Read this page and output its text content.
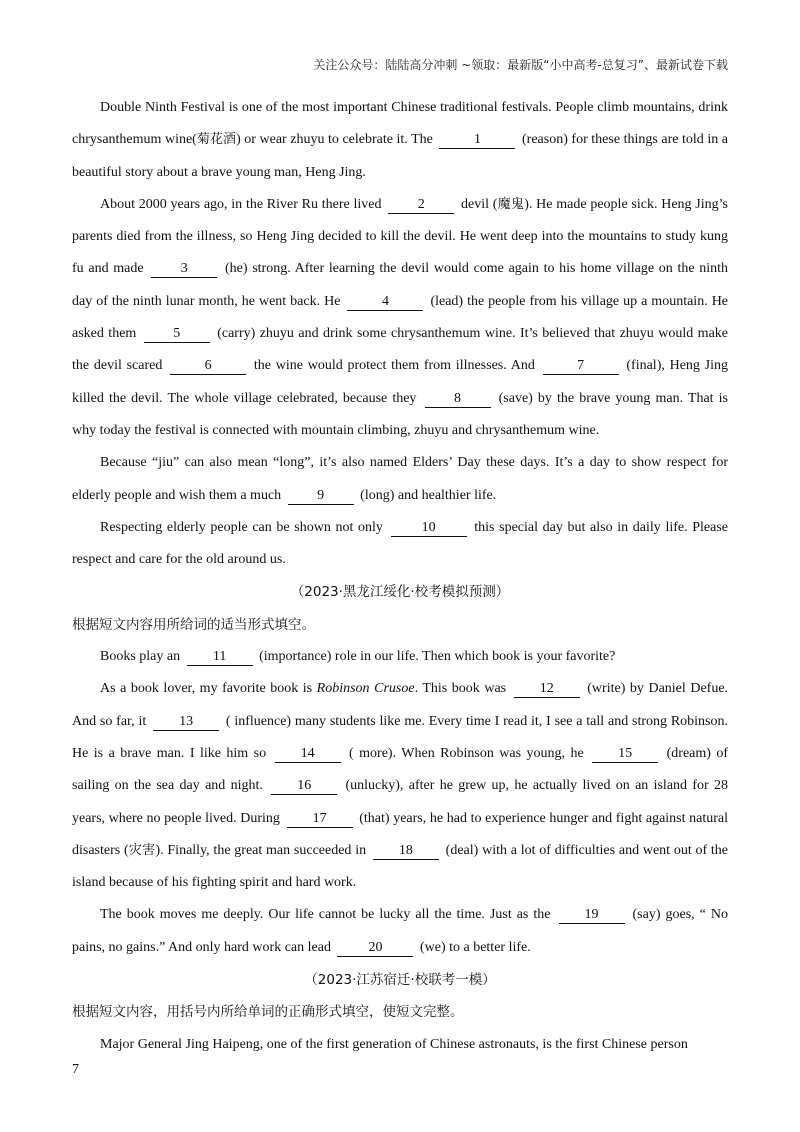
关注公众号：陆陆高分冲刺 ~领取：最新版“小中高考-总复习”、最新试卷下载

Double Ninth Festival is one of the most important Chinese traditional festivals. People climb mountains, drink chrysanthemum wine(菊花酒) or wear zhuyu to celebrate it. The	1	(reason) for these things are told in a beautiful story about a brave young man, Heng Jing.

About 2000 years ago, in the River Ru there lived	2	devil (魔鬼). He made people sick. Heng Jing’s parents died from the illness, so Heng Jing decided to kill the devil. He went deep into the mountains to study kung fu and made	3	(he) strong. After learning the devil would come again to his home village on the ninth day of the ninth lunar month, he went back. He	4	(lead) the people from his village up a mountain. He asked them	5	(carry) zhuyu and drink some chrysanthemum wine. It’s believed that zhuyu would make the devil scared	6	the wine would protect them from illnesses. And	7	(final), Heng Jing killed the devil. The whole village celebrated, because they	8	(save) by the brave young man. That is why today the festival is connected with mountain climbing, zhuyu and chrysanthemum wine.

Because “jiu” can also mean “long”, it’s also named Elders’ Day these days. It’s a day to show respect for elderly people and wish them a much	9	(long) and healthier life.

Respecting elderly people can be shown not only	10	this special day but also in daily life. Please respect and care for the old around us.

（2023·黑龙江绥化·校考模拟预测）

根据短文内容用所给词的适当形式填空。

Books play an 11 (importance) role in our life. Then which book is your favorite?

As a book lover, my favorite book is Robinson Crusoe. This book was 12 (write) by Daniel Defue. And so far, it 13 ( influence) many students like me. Every time I read it, I see a tall and strong Robinson. He is a brave man. I like him so 14 ( more). When Robinson was young, he 15 (dream) of sailing on the sea day and night. 16 (unlucky), after he grew up, he actually lived on an island for 28 years, where no people lived. During 17 (that) years, he had to experience hunger and fight against natural disasters (灾害). Finally, the great man succeeded in 18 (deal) with a lot of difficulties and went out of the island because of his fighting spirit and hard work.

The book moves me deeply. Our life cannot be lucky all the time. Just as the 19 (say) goes, “ No pains, no gains.” And only hard work can lead	20	(we) to a better life.

（2023·江苏宿迁·校联考一模）

根据短文内容，用括号内所给单词的正确形式填空，使短文完整。

Major General Jing Haipeng, one of the first generation of Chinese astronauts, is the first Chinese person

7
